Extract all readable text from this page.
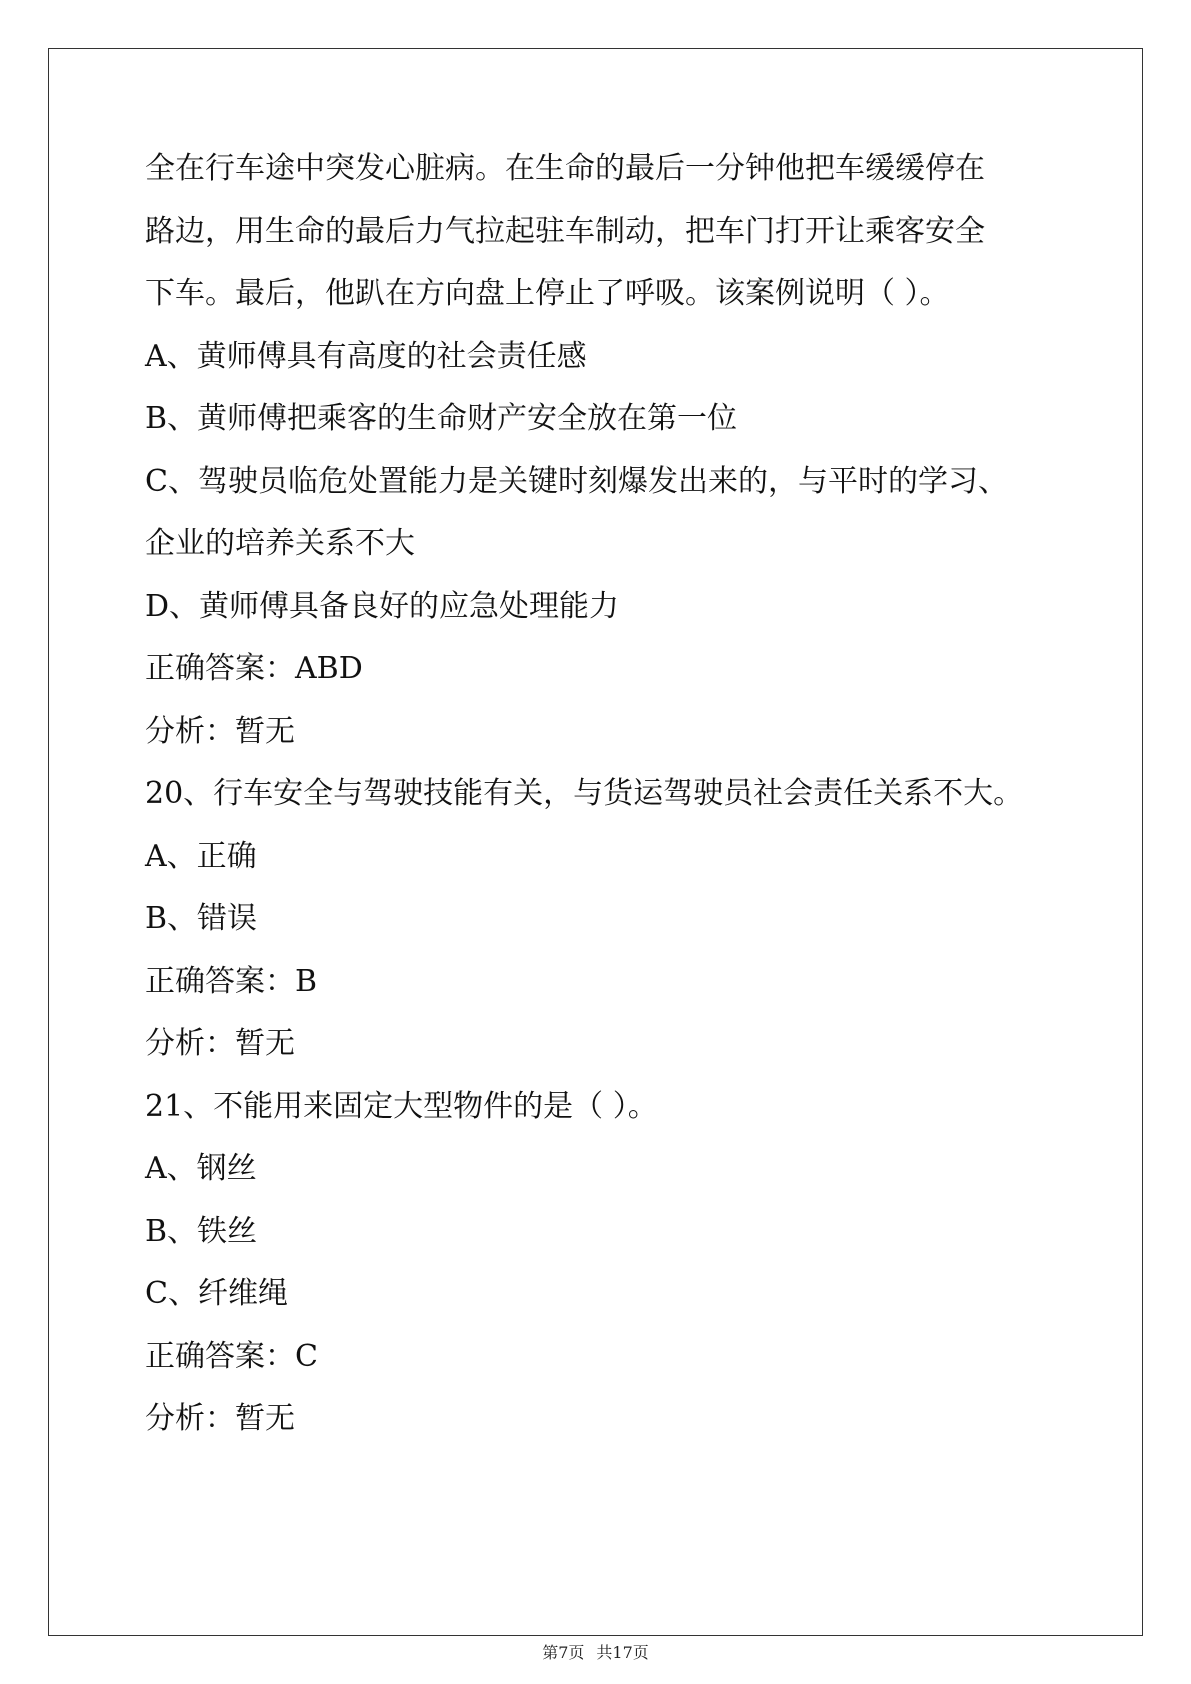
全在行车途中突发心脏病。在生命的最后一分钟他把车缓缓停在
路边，用生命的最后力气拉起驻车制动，把车门打开让乘客安全
下车。最后，他趴在方向盘上停止了呼吸。该案例说明（ ）。
A、黄师傅具有高度的社会责任感
B、黄师傅把乘客的生命财产安全放在第一位
C、驾驶员临危处置能力是关键时刻爆发出来的，与平时的学习、
企业的培养关系不大
D、黄师傅具备良好的应急处理能力
正确答案：ABD
分析：暂无
20、行车安全与驾驶技能有关，与货运驾驶员社会责任关系不大。
A、正确
B、错误
正确答案：B
分析：暂无
21、不能用来固定大型物件的是（ ）。
A、钢丝
B、铁丝
C、纤维绳
正确答案：C
分析：暂无
第7页 共17页
